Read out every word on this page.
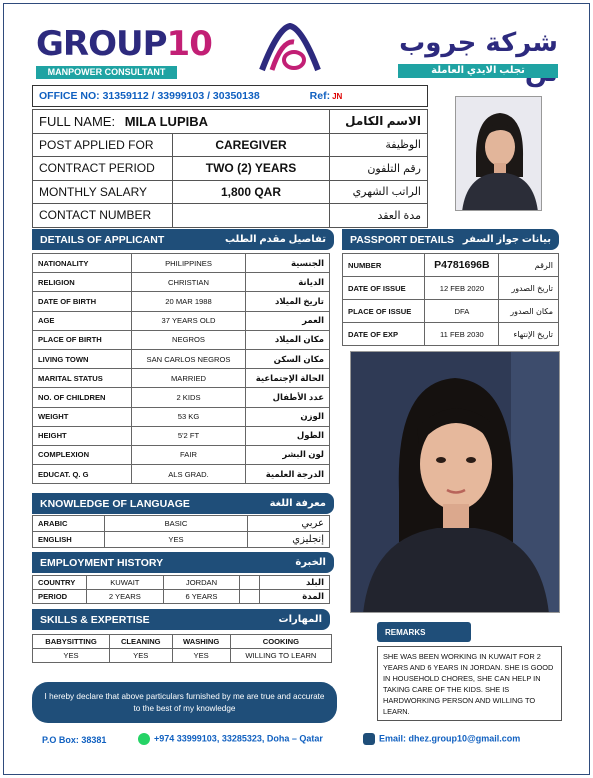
GROUP10
MANPOWER CONSULTANT
شركة جروب
تجلب الايدي العاملة
OFFICE NO: 31359112 / 33999103 / 30350138	Ref: JN
FULL NAME: MILA LUPIBA		الاسم الكامل
POST APPLIED FOR	CAREGIVER	الوظيفة
CONTRACT PERIOD	TWO (2) YEARS	رقم التلفون
MONTHLY SALARY	1,800 QAR	الراتب الشهري
CONTACT NUMBER		مدة العقد
DETAILS OF APPLICANT	تفاصيل مقدم الطلب
NATIONALITY	PHILIPPINES	الجنسية
RELIGION	CHRISTIAN	الديانة
DATE OF BIRTH	20 MAR 1988	تاريخ الميلاد
AGE	37 YEARS OLD	العمر
PLACE OF BIRTH	NEGROS	مكان الميلاد
LIVING TOWN	SAN CARLOS NEGROS	مكان السكن
MARITAL STATUS	MARRIED	الحالة الإجتماعية
NO. OF CHILDREN	2 KIDS	عدد الأطفال
WEIGHT	53 KG	الوزن
HEIGHT	5'2 FT	الطول
COMPLEXION	FAIR	لون البشر
EDUCAT. Q. G	ALS GRAD.	الدرجة العلمية
PASSPORT DETAILS بيانات جواز السفر
NUMBER	P4781696B	الرقم
DATE OF ISSUE	12 FEB 2020	تاريخ الصدور
PLACE OF ISSUE	DFA	مكان الصدور
DATE OF EXP	11 FEB 2030	تاريخ الإنتهاء
KNOWLEDGE OF LANGUAGE	معرفة اللغة
ARABIC	BASIC	عربي
ENGLISH	YES	إنجليزي
EMPLOYMENT HISTORY	الخبرة
COUNTRY	KUWAIT	JORDAN		البلد
PERIOD	2 YEARS	6 YEARS		المدة
SKILLS & EXPERTISE	المهارات
BABYSITTING	CLEANING	WASHING	COOKING
YES	YES	YES	WILLING TO LEARN
REMARKS
SHE WAS BEEN WORKING IN KUWAIT FOR 2 YEARS AND 6 YEARS IN JORDAN. SHE IS GOOD IN HOUSEHOLD CHORES, SHE CAN HELP IN TAKING CARE OF THE KIDS. SHE IS HARDWORKING PERSON AND WILLING TO LEARN.
I hereby declare that above particulars furnished by me are true and accurate to the best of my knowledge
P.O Box: 38381	+974 33999103, 33285323, Doha – Qatar	Email: dhez.group10@gmail.com
